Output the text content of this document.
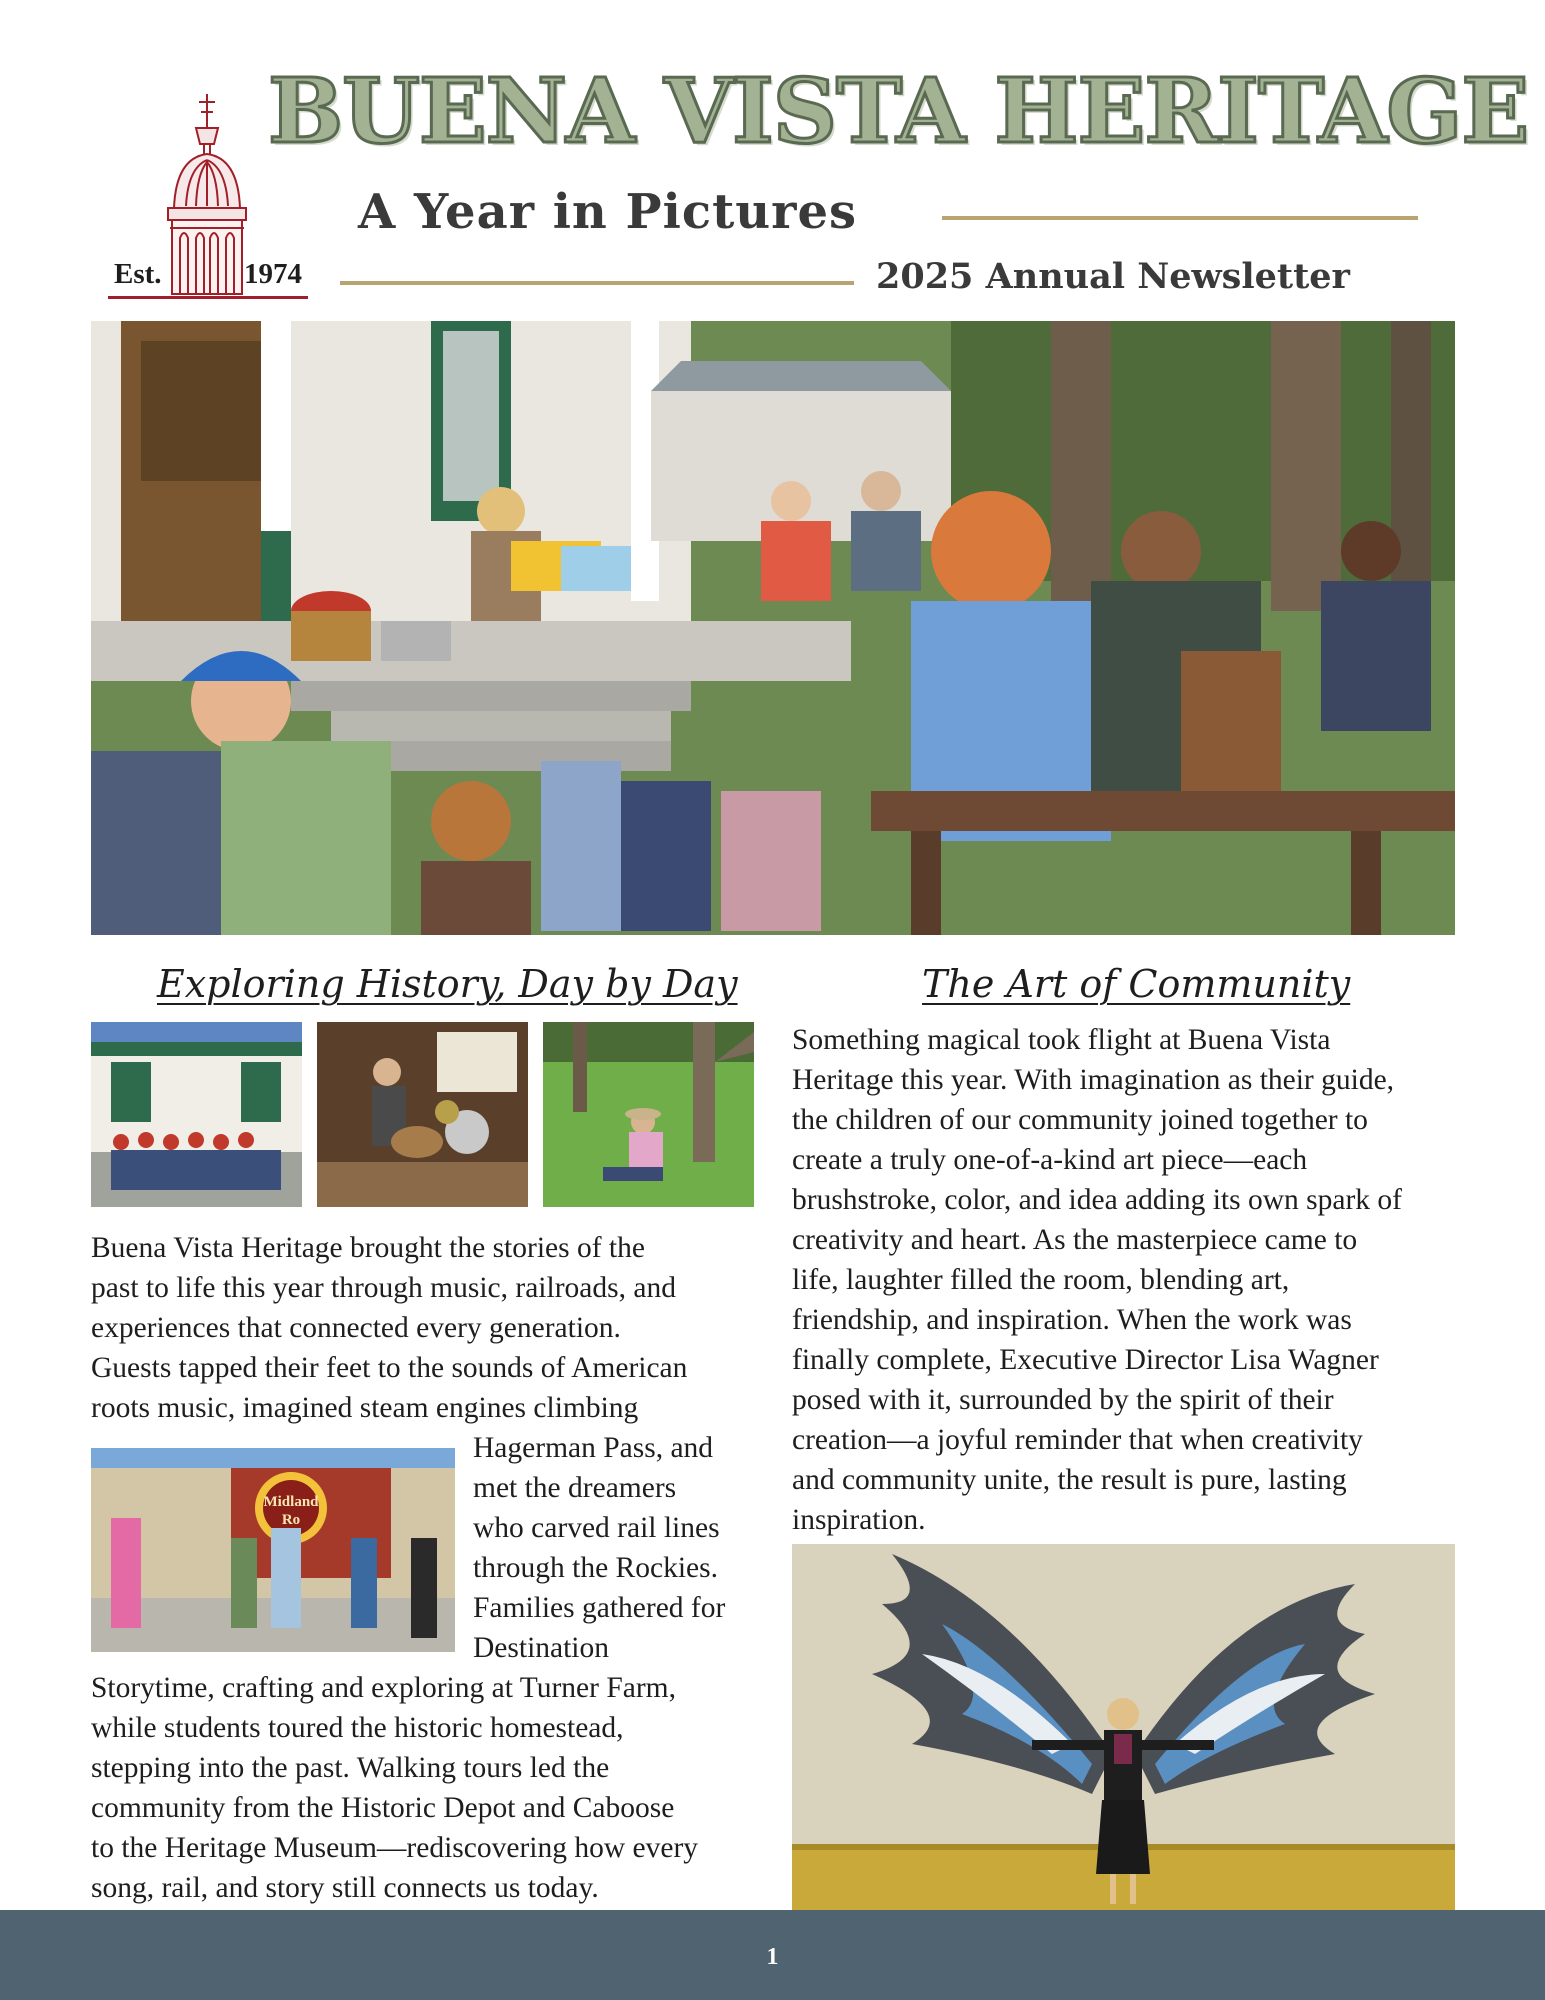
Est.	1974
BUENA VISTA HERITAGE
A Year in Pictures
2025 Annual Newsletter
Exploring History, Day by Day

Buena Vista Heritage brought the stories of the

past to life this year through music, railroads, and

experiences that connected every generation.

Guests tapped their feet to the sounds of American

roots music, imagined steam engines climbing

Midland
Ro

Hagerman Pass, and

met the dreamers

who carved rail lines

through the Rockies.

Families gathered for

Destination

Storytime, crafting and exploring at Turner Farm,

while students toured the historic homestead,

stepping into the past. Walking tours led the

community from the Historic Depot and Caboose

to the Heritage Museum—rediscovering how every

song, rail, and story still connects us today.

The Art of Community

Something magical took flight at Buena Vista

Heritage this year. With imagination as their guide,

the children of our community joined together to

create a truly one-of-a-kind art piece—each

brushstroke, color, and idea adding its own spark of

creativity and heart. As the masterpiece came to

life, laughter filled the room, blending art,

friendship, and inspiration. When the work was

finally complete, Executive Director Lisa Wagner

posed with it, surrounded by the spirit of their

creation—a joyful reminder that when creativity

and community unite, the result is pure, lasting

inspiration.

1
